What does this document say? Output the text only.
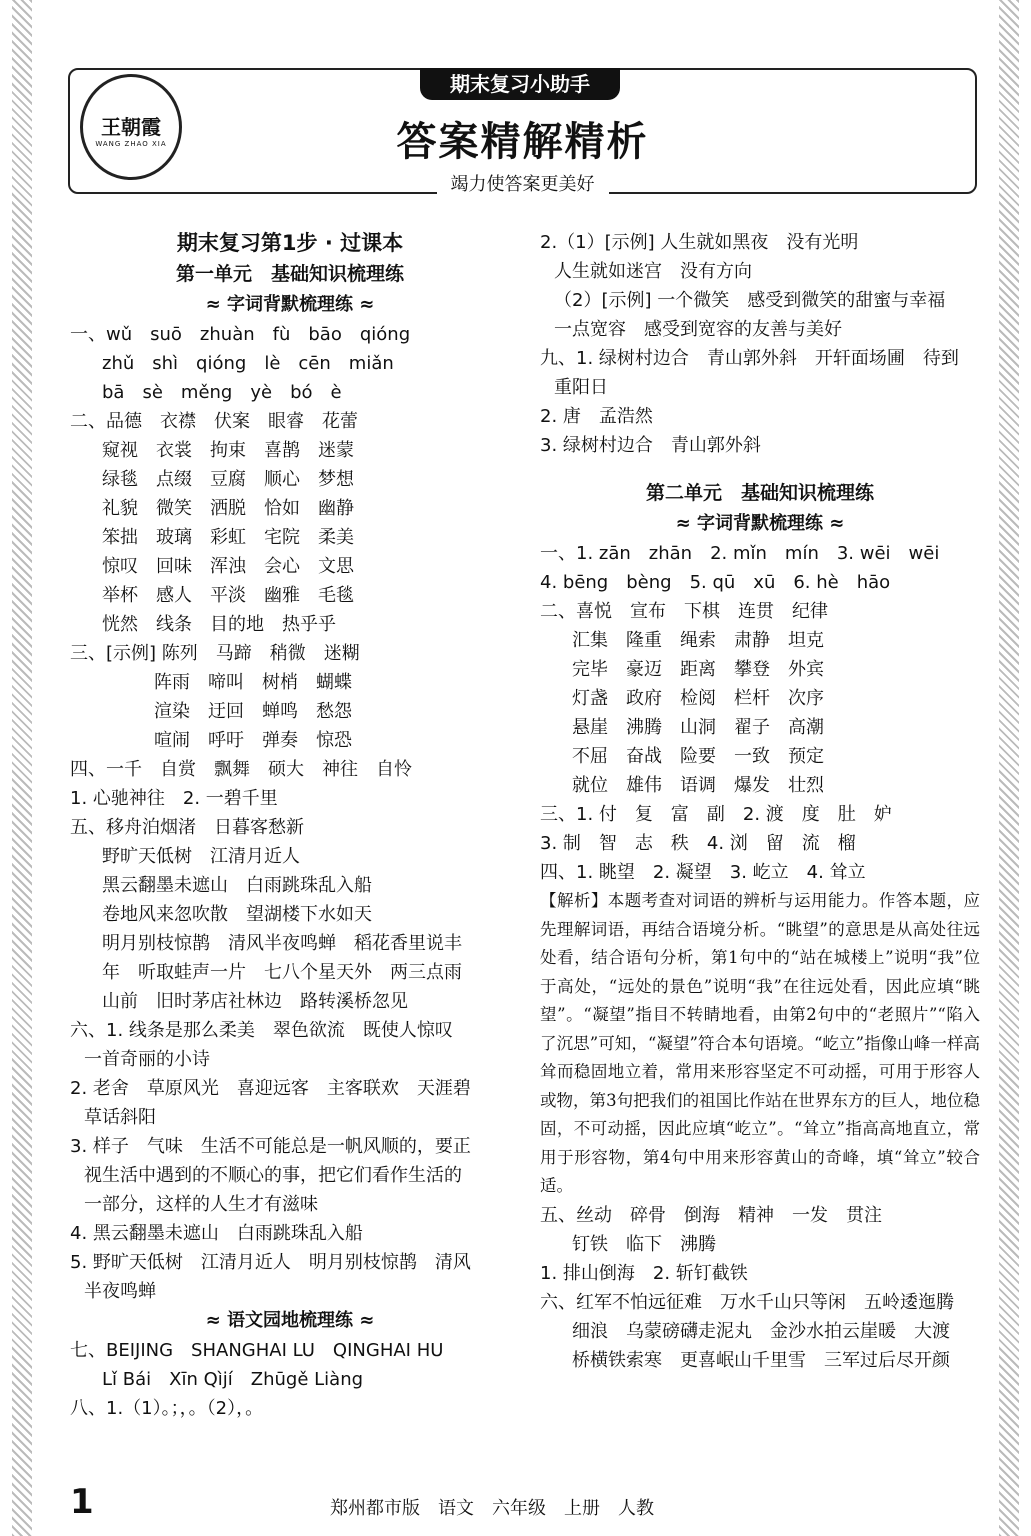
王朝霞
WANG ZHAO XIA
期末复习小助手
答案精解精析
竭力使答案更美好
期末复习第1步 · 过课本
第一单元　基础知识梳理练
≈ 字词背默梳理练 ≈
一、wǔ　suō　zhuàn　fù　bāo　qióng
zhǔ　shì　qióng　lè　cēn　miǎn
bā　sè　měng　yè　bó　è
二、品德　衣襟　伏案　眼睿　花蕾
窥视　衣裳　拘束　喜鹊　迷蒙
绿毯　点缀　豆腐　顺心　梦想
礼貌　微笑　洒脱　恰如　幽静
笨拙　玻璃　彩虹　宅院　柔美
惊叹　回味　浑浊　会心　文思
举杯　感人　平淡　幽雅　毛毯
恍然　线条　目的地　热乎乎
三、[示例] 陈列　马蹄　稍微　迷糊
阵雨　啼叫　树梢　蝴蝶
渲染　迂回　蝉鸣　愁怨
喧闹　呼吁　弹奏　惊恐
四、一千　自赏　飘舞　硕大　神往　自怜
1. 心驰神往　2. 一碧千里
五、移舟泊烟渚　日暮客愁新
野旷天低树　江清月近人
黑云翻墨未遮山　白雨跳珠乱入船
卷地风来忽吹散　望湖楼下水如天
明月别枝惊鹊　清风半夜鸣蝉　稻花香里说丰
年　听取蛙声一片　七八个星天外　两三点雨
山前　旧时茅店社林边　路转溪桥忽见
六、1. 线条是那么柔美　翠色欲流　既使人惊叹
一首奇丽的小诗
2. 老舍　草原风光　喜迎远客　主客联欢　天涯碧
草话斜阳
3. 样子　气味　生活不可能总是一帆风顺的，要正
视生活中遇到的不顺心的事，把它们看作生活的
一部分，这样的人生才有滋味
4. 黑云翻墨未遮山　白雨跳珠乱入船
5. 野旷天低树　江清月近人　明月别枝惊鹊　清风
半夜鸣蝉
≈ 语文园地梳理练 ≈
七、BEIJING　SHANGHAI LU　QINGHAI HU
Lǐ Bái　Xīn Qìjí　Zhūgě Liàng
八、1.（1）。；，。（2），。
2.（1）[示例] 人生就如黑夜　没有光明
人生就如迷宫　没有方向
（2）[示例] 一个微笑　感受到微笑的甜蜜与幸福
一点宽容　感受到宽容的友善与美好
九、1. 绿树村边合　青山郭外斜　开轩面场圃　待到
重阳日
2. 唐　孟浩然
3. 绿树村边合　青山郭外斜
第二单元　基础知识梳理练
≈ 字词背默梳理练 ≈
一、1. zān　zhān　2. mǐn　mín　3. wēi　wēi
4. bēng　bèng　5. qū　xū　6. hè　hāo
二、喜悦　宣布　下棋　连贯　纪律
汇集　隆重　绳索　肃静　坦克
完毕　豪迈　距离　攀登　外宾
灯盏　政府　检阅　栏杆　次序
悬崖　沸腾　山洞　翟子　高潮
不屈　奋战　险要　一致　预定
就位　雄伟　语调　爆发　壮烈
三、1. 付　复　富　副　2. 渡　度　肚　妒
3. 制　智　志　秩　4. 浏　留　流　榴
四、1. 眺望　2. 凝望　3. 屹立　4. 耸立
【解析】本题考查对词语的辨析与运用能力。作答本题，应先理解词语，再结合语境分析。“眺望”的意思是从高处往远处看，结合语句分析，第1句中的“站在城楼上”说明“我”位于高处，“远处的景色”说明“我”在往远处看，因此应填“眺望”。“凝望”指目不转睛地看，由第2句中的“老照片”“陷入了沉思”可知，“凝望”符合本句语境。“屹立”指像山峰一样高耸而稳固地立着，常用来形容坚定不可动摇，可用于形容人或物，第3句把我们的祖国比作站在世界东方的巨人，地位稳固，不可动摇，因此应填“屹立”。“耸立”指高高地直立，常用于形容物，第4句中用来形容黄山的奇峰，填“耸立”较合适。
五、丝动　碎骨　倒海　精神　一发　贯注
钉铁　临下　沸腾
1. 排山倒海　2. 斩钉截铁
六、红军不怕远征难　万水千山只等闲　五岭逶迤腾
细浪　乌蒙磅礴走泥丸　金沙水拍云崖暖　大渡
桥横铁索寒　更喜岷山千里雪　三军过后尽开颜
1	郑州都市版　语文　六年级　上册　人教
